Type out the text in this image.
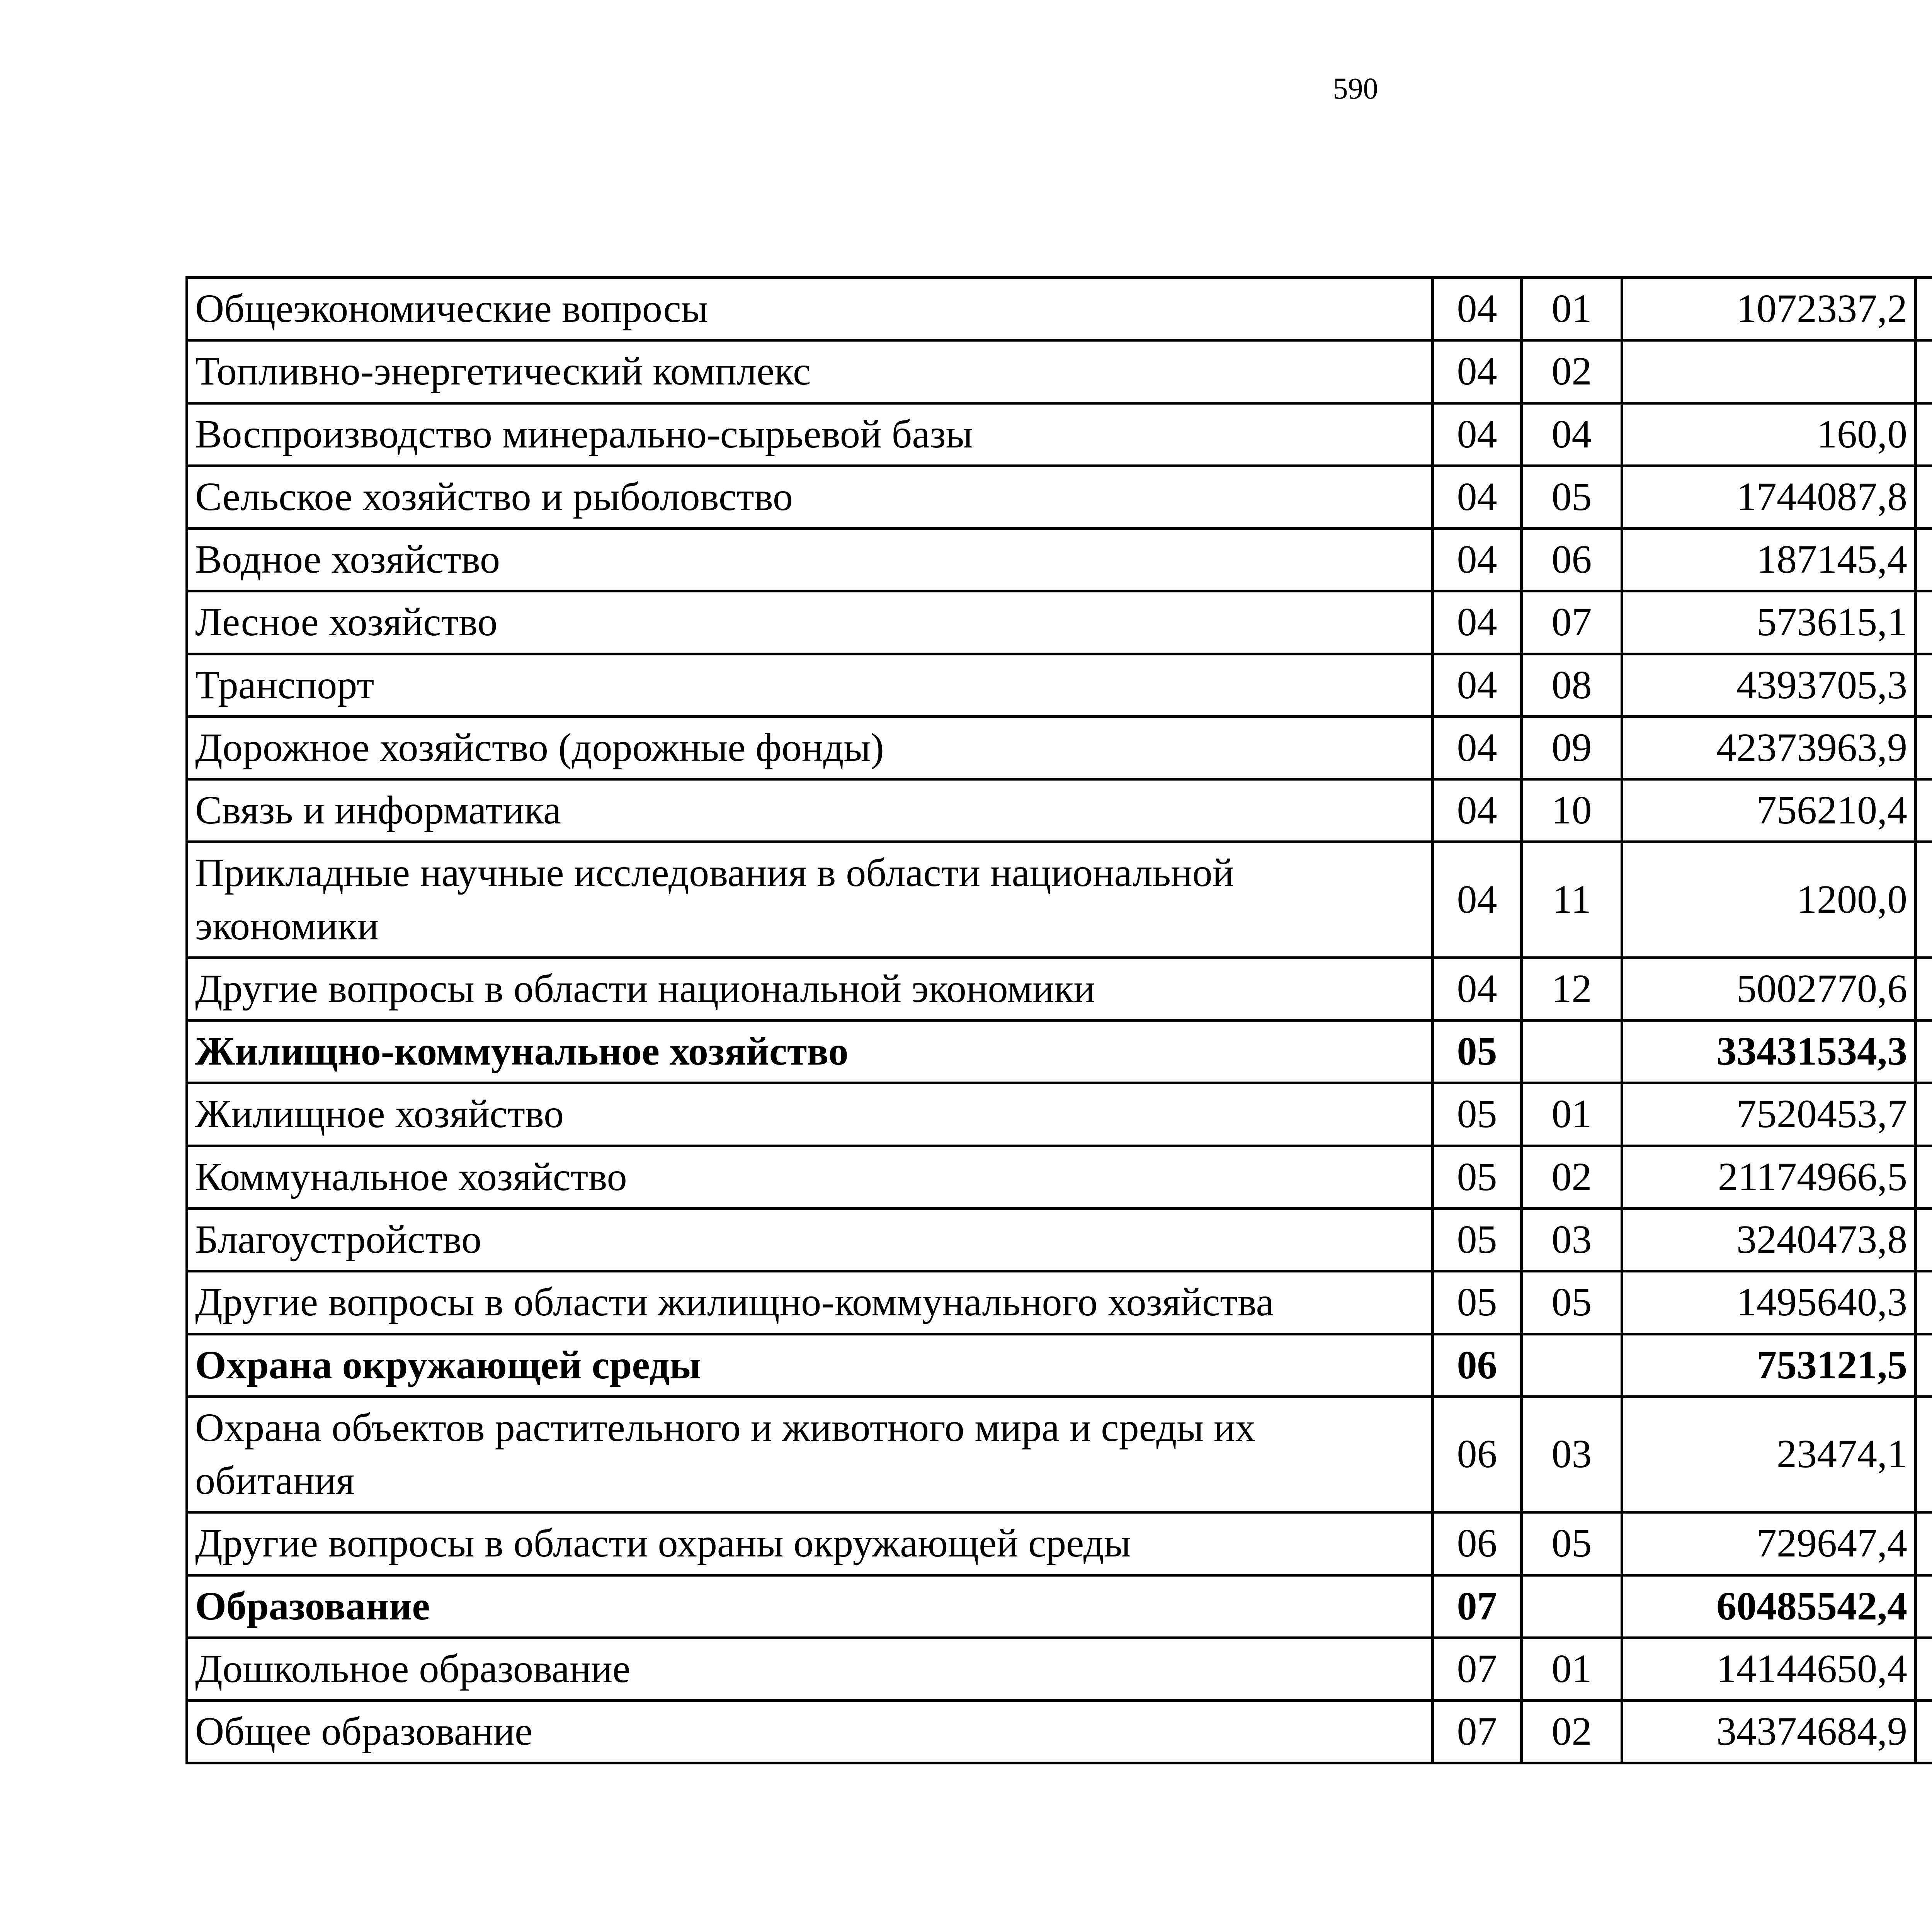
590
Общеэкономические вопросы	04	01	1072337,2		
Топливно-энергетический комплекс	04	02			
Воспроизводство минерально-сырьевой базы	04	04	160,0		
Сельское хозяйство и рыболовство	04	05	1744087,8		
Водное хозяйство	04	06	187145,4		
Лесное хозяйство	04	07	573615,1		
Транспорт	04	08	4393705,3		
Дорожное хозяйство (дорожные фонды)	04	09	42373963,9		
Связь и информатика	04	10	756210,4		
Прикладные научные исследования в области национальной экономики	04	11	1200,0		
Другие вопросы в области национальной экономики	04	12	5002770,6		
Жилищно-коммунальное хозяйство	05		33431534,3		
Жилищное хозяйство	05	01	7520453,7		
Коммунальное хозяйство	05	02	21174966,5		
Благоустройство	05	03	3240473,8		
Другие вопросы в области жилищно-коммунального хозяйства	05	05	1495640,3		
Охрана окружающей среды	06		753121,5		
Охрана объектов растительного и животного мира и среды их обитания	06	03	23474,1		
Другие вопросы в области охраны окружающей среды	06	05	729647,4		
Образование	07		60485542,4		
Дошкольное образование	07	01	14144650,4		
Общее образование	07	02	34374684,9		
